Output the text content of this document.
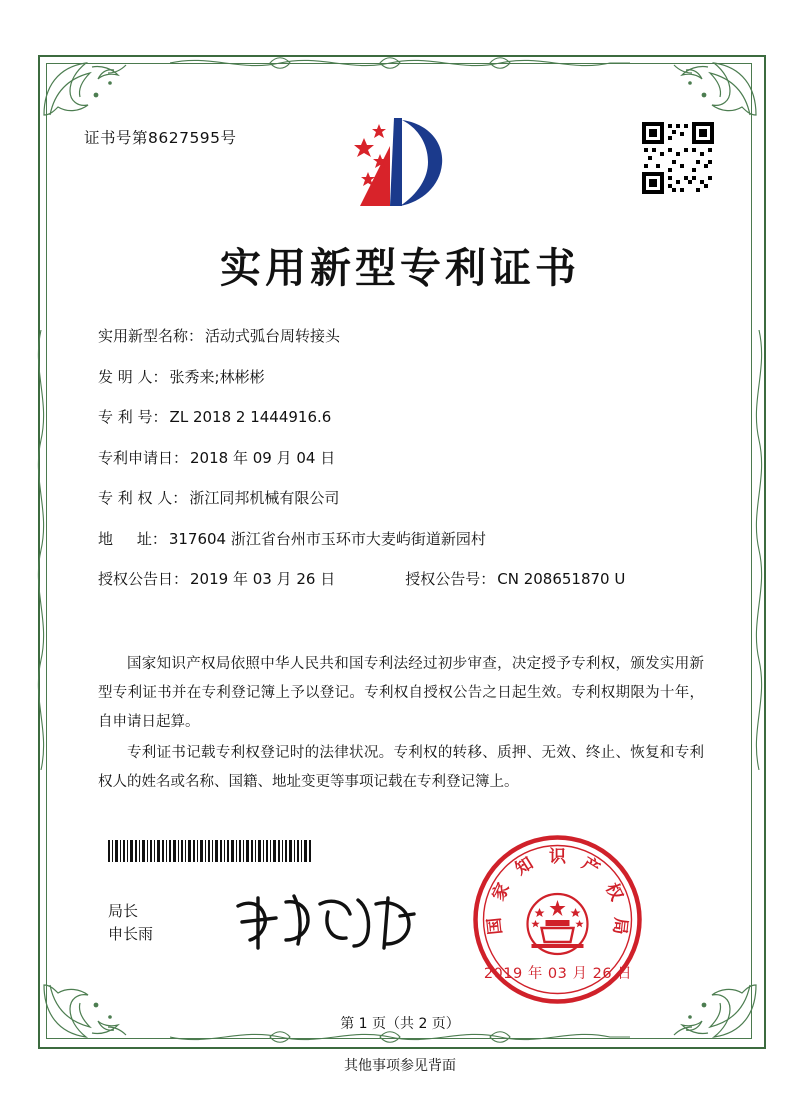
证书号第8627595号
实用新型专利证书
实用新型名称： 活动式弧台周转接头
发 明 人： 张秀来;林彬彬
专 利 号： ZL 2018 2 1444916.6
专利申请日： 2018 年 09 月 04 日
专 利 权 人： 浙江同邦机械有限公司
地     址： 317604 浙江省台州市玉环市大麦屿街道新园村
授权公告日： 2019 年 03 月 26 日	授权公告号： CN 208651870 U

国家知识产权局依照中华人民共和国专利法经过初步审查，决定授予专利权，颁发实用新型专利证书并在专利登记簿上予以登记。专利权自授权公告之日起生效。专利权期限为十年，自申请日起算。

专利证书记载专利权登记时的法律状况。专利权的转移、质押、无效、终止、恢复和专利权人的姓名或名称、国籍、地址变更等事项记载在专利登记簿上。

局长
申长雨
识 产
权
局
知
家
国
2019 年 03 月 26 日
第 1 页（共 2 页）
其他事项参见背面
